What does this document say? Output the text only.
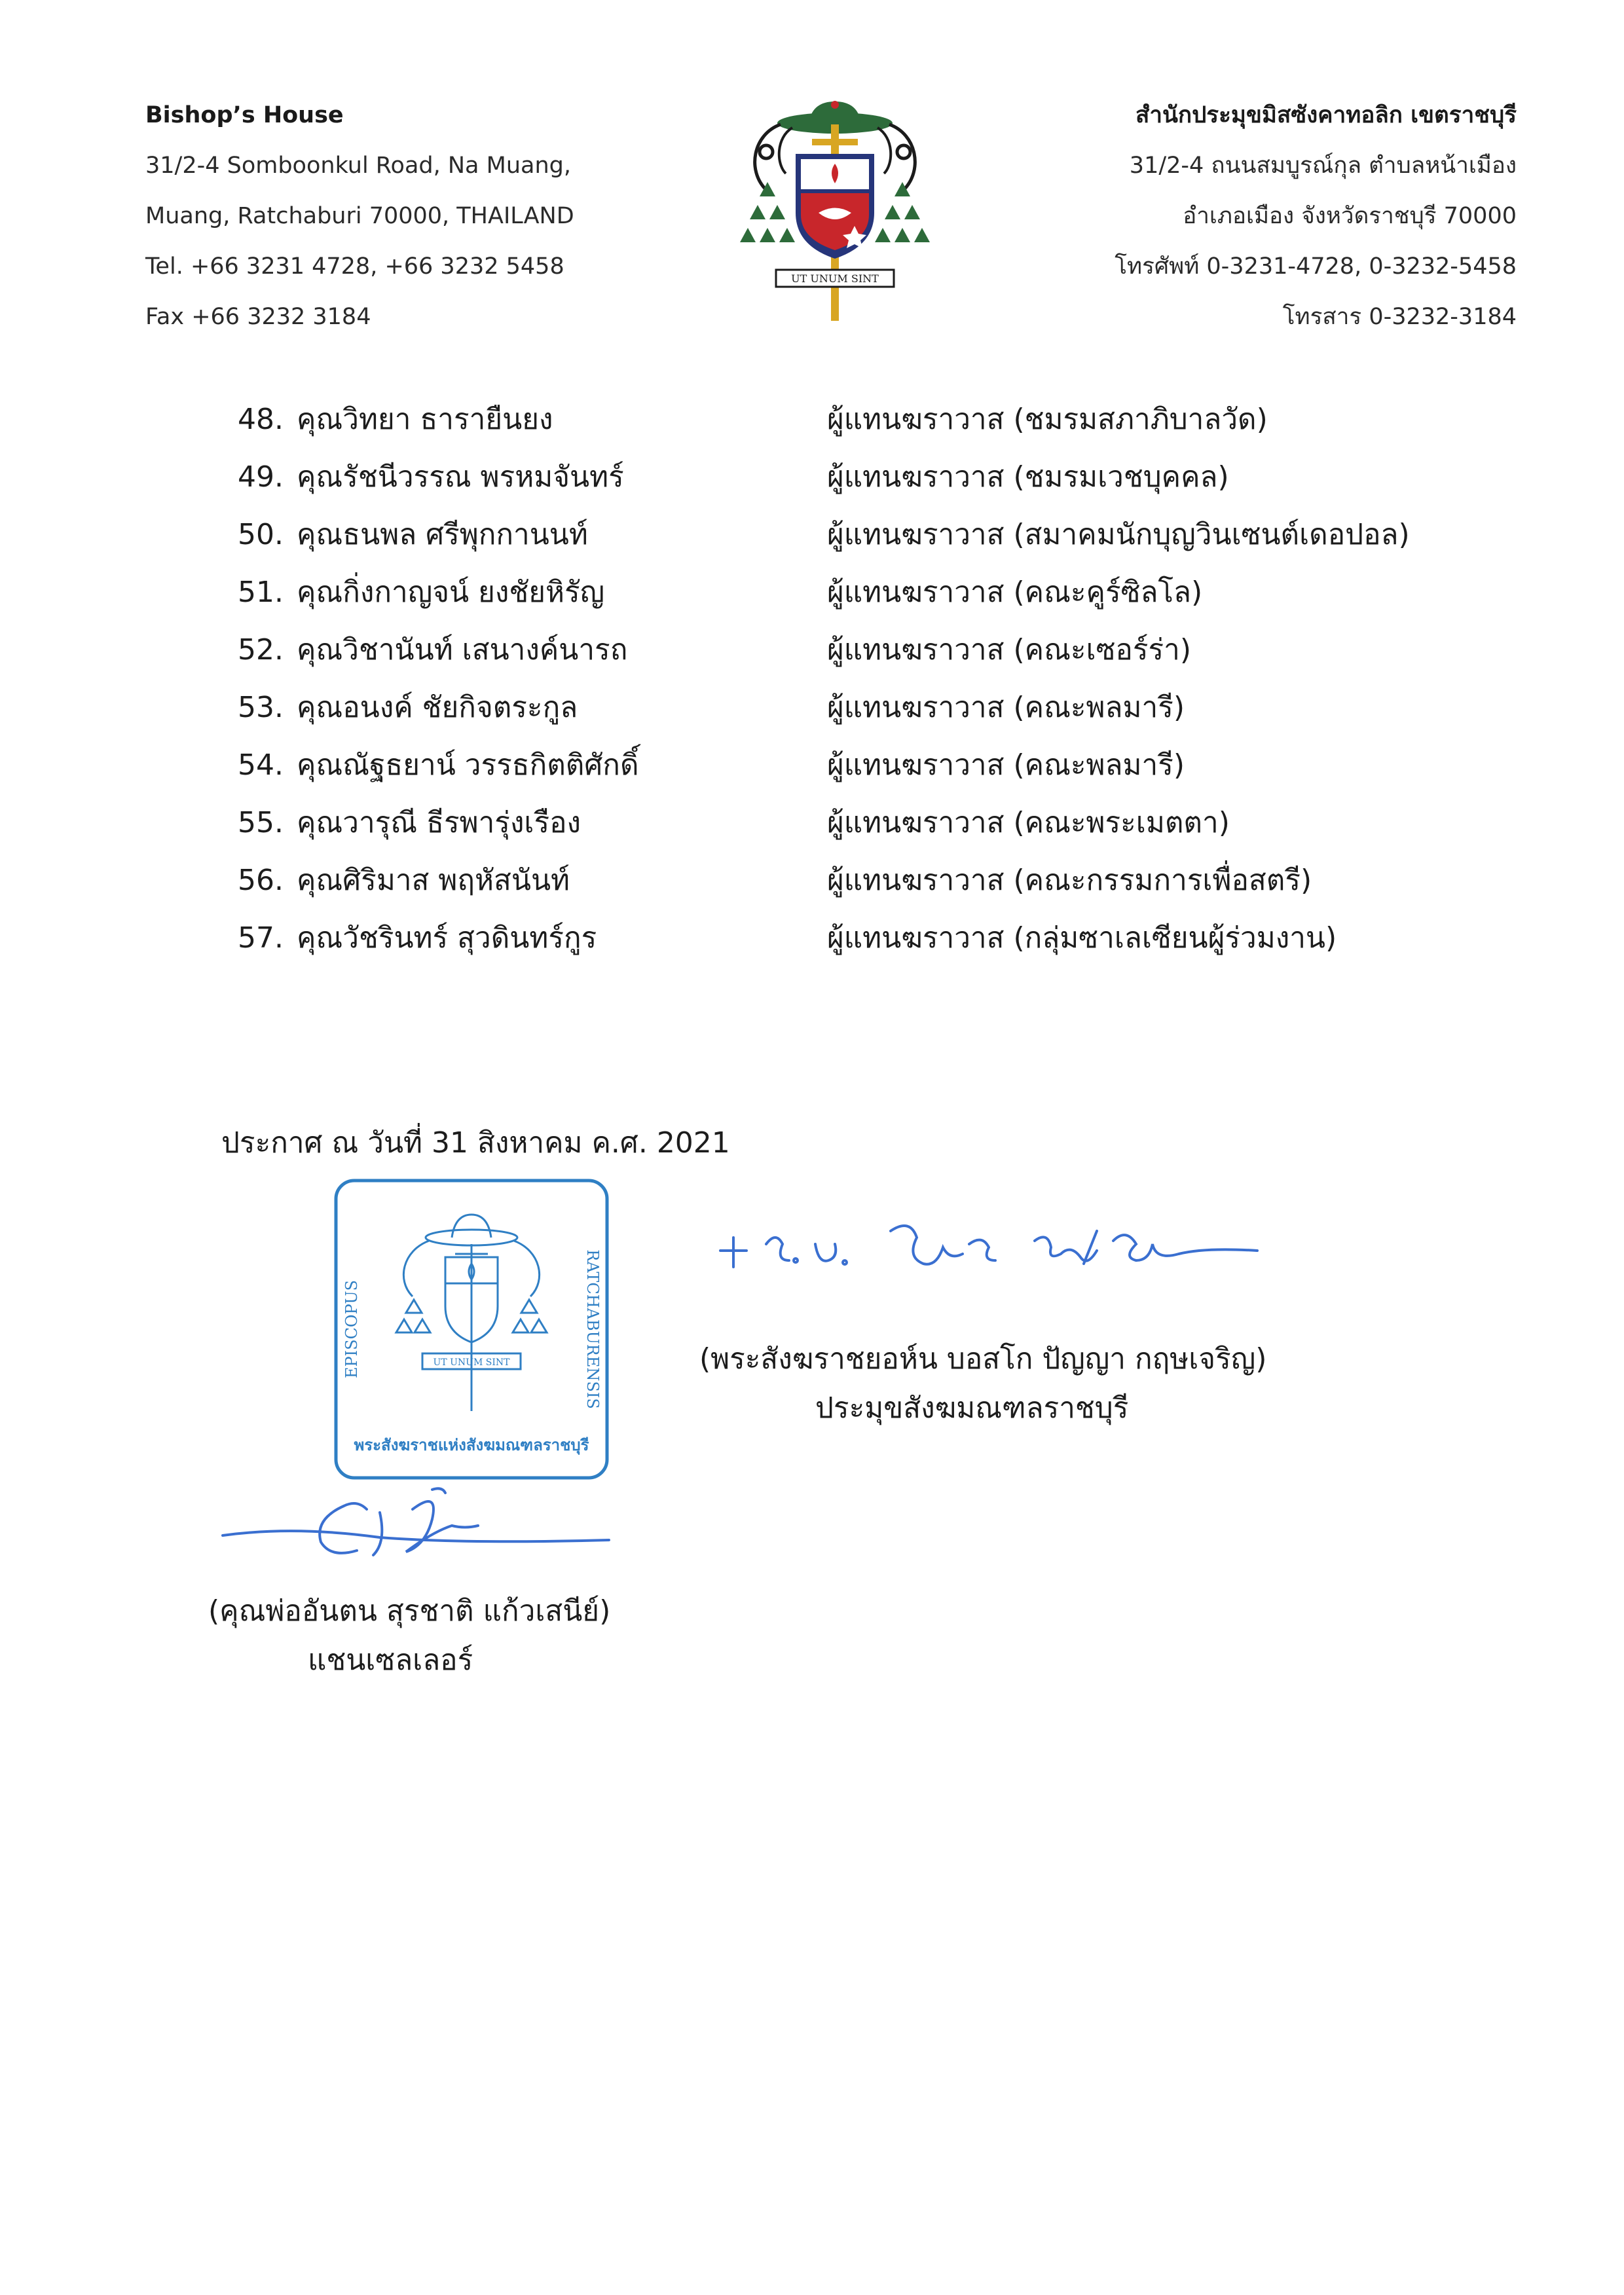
Bishop’s House
31/2-4 Somboonkul Road, Na Muang,
Muang, Ratchaburi 70000, THAILAND
Tel. +66 3231 4728, +66 3232 5458
Fax +66 3232 3184
UT UNUM SINT
สำนักประมุขมิสซังคาทอลิก เขตราชบุรี
31/2-4 ถนนสมบูรณ์กุล ตำบลหน้าเมือง
อำเภอเมือง จังหวัดราชบุรี 70000
โทรศัพท์ 0-3231-4728, 0-3232-5458
โทรสาร 0-3232-3184
48. คุณวิทยา ธารายืนยง	ผู้แทนฆราวาส (ชมรมสภาภิบาลวัด)
49. คุณรัชนีวรรณ พรหมจันทร์	ผู้แทนฆราวาส (ชมรมเวชบุคคล)
50. คุณธนพล ศรีพุกกานนท์	ผู้แทนฆราวาส (สมาคมนักบุญวินเซนต์เดอปอล)
51. คุณกิ่งกาญจน์ ยงชัยหิรัญ	ผู้แทนฆราวาส (คณะคูร์ซิลโล)
52. คุณวิชานันท์ เสนางค์นารถ	ผู้แทนฆราวาส (คณะเซอร์ร่า)
53. คุณอนงค์ ชัยกิจตระกูล	ผู้แทนฆราวาส (คณะพลมารี)
54. คุณณัฐธยาน์ วรรธกิตติศักดิ์	ผู้แทนฆราวาส (คณะพลมารี)
55. คุณวารุณี ธีรพารุ่งเรือง	ผู้แทนฆราวาส (คณะพระเมตตา)
56. คุณศิริมาส พฤหัสนันท์	ผู้แทนฆราวาส (คณะกรรมการเพื่อสตรี)
57. คุณวัชรินทร์ สุวดินทร์กูร	ผู้แทนฆราวาส (กลุ่มซาเลเซียนผู้ร่วมงาน)
ประกาศ ณ วันที่ 31 สิงหาคม ค.ศ. 2021
EPISCOPUS	RATCHABURENSIS
UT UNUM SINT
พระสังฆราชแห่งสังฆมณฑลราชบุรี
(พระสังฆราชยอห์น บอสโก ปัญญา กฤษเจริญ)
ประมุขสังฆมณฑลราชบุรี
(คุณพ่ออันตน สุรชาติ แก้วเสนีย์)
แชนเซลเลอร์
